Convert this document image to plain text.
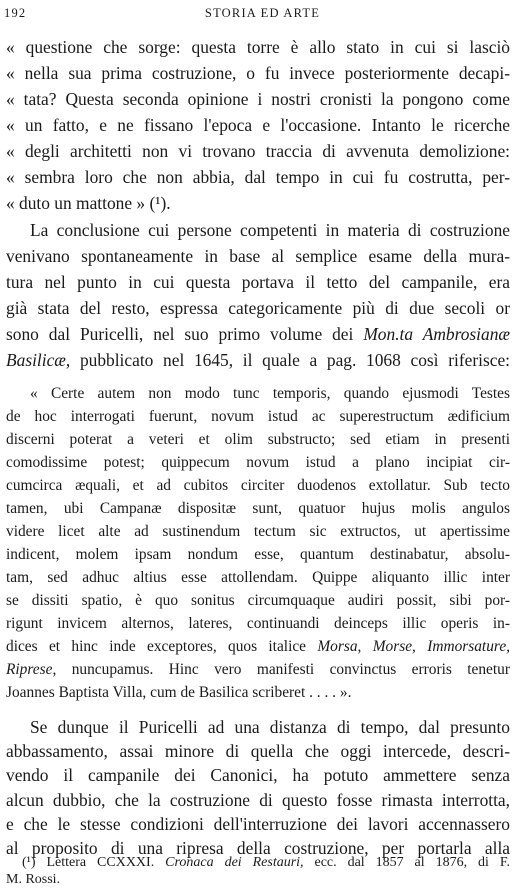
192	STORIA ED ARTE
« questione che sorge: questa torre è allo stato in cui si lasciò
« nella sua prima costruzione, o fu invece posteriormente decapi-
« tata? Questa seconda opinione i nostri cronisti la pongono come
« un fatto, e ne fissano l'epoca e l'occasione. Intanto le ricerche
« degli architetti non vi trovano traccia di avvenuta demolizione:
« sembra loro che non abbia, dal tempo in cui fu costrutta, per-
« duto un mattone » (¹).
La conclusione cui persone competenti in materia di costruzione
venivano spontaneamente in base al semplice esame della mura-
tura nel punto in cui questa portava il tetto del campanile, era
già stata del resto, espressa categoricamente più di due secoli or
sono dal Puricelli, nel suo primo volume dei Mon.ta Ambrosianæ
Basilicæ, pubblicato nel 1645, il quale a pag. 1068 così riferisce:
« Certe autem non modo tunc temporis, quando ejusmodi Testes
de hoc interrogati fuerunt, novum istud ac superestructum ædificium
discerni poterat a veteri et olim substructo; sed etiam in presenti
comodissime potest; quippecum novum istud a plano incipiat cir-
cumcirca æquali, et ad cubitos circiter duodenos extollatur. Sub tecto
tamen, ubi Campanæ dispositæ sunt, quatuor hujus molis angulos
videre licet alte ad sustinendum tectum sic extructos, ut apertissime
indicent, molem ipsam nondum esse, quantum destinabatur, absolu-
tam, sed adhuc altius esse attollendam. Quippe aliquanto illic inter
se dissiti spatio, è quo sonitus circumquaque audiri possit, sibi por-
rigunt invicem alternos, lateres, continuandi deinceps illic operis in-
dices et hinc inde exceptores, quos italice Morsa, Morse, Immorsature,
Riprese, nuncupamus. Hinc vero manifesti convinctus erroris tenetur
Joannes Baptista Villa, cum de Basilica scriberet . . . . ».
Se dunque il Puricelli ad una distanza di tempo, dal presunto
abbassamento, assai minore di quella che oggi intercede, descri-
vendo il campanile dei Canonici, ha potuto ammettere senza
alcun dubbio, che la costruzione di questo fosse rimasta interrotta,
e che le stesse condizioni dell'interruzione dei lavori accennassero
al proposito di una ripresa della costruzione, per portarla alla
(¹) Lettera CCXXXI. Cronaca dei Restauri, ecc. dal 1857 al 1876, di F.
M. Rossi.
